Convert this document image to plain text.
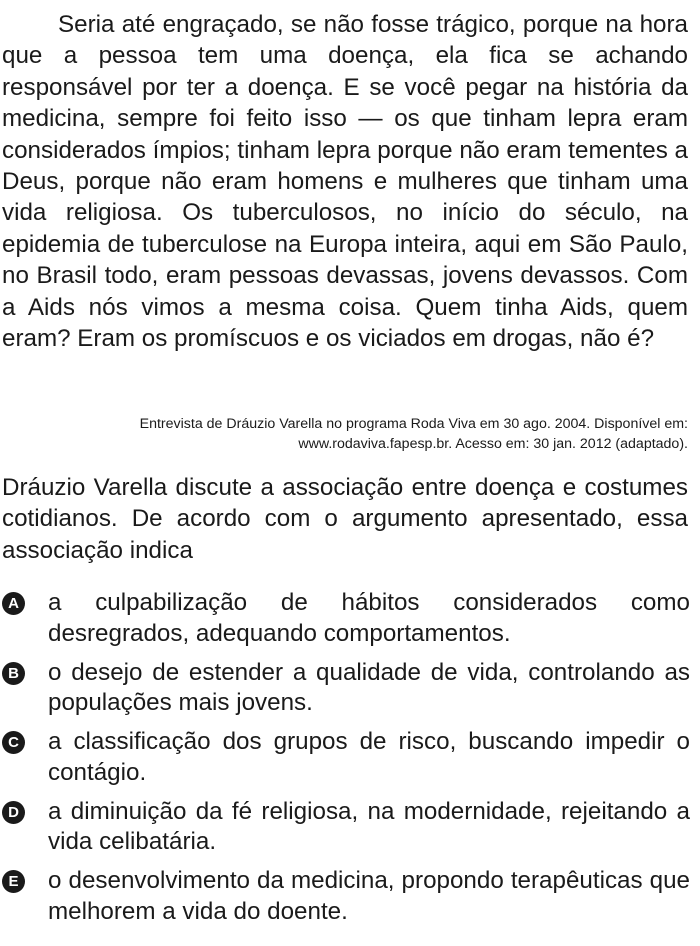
Seria até engraçado, se não fosse trágico, porque na hora que a pessoa tem uma doença, ela fica se achando responsável por ter a doença. E se você pegar na história da medicina, sempre foi feito isso — os que tinham lepra eram considerados ímpios; tinham lepra porque não eram tementes a Deus, porque não eram homens e mulheres que tinham uma vida religiosa. Os tuberculosos, no início do século, na epidemia de tuberculose na Europa inteira, aqui em São Paulo, no Brasil todo, eram pessoas devassas, jovens devassos. Com a Aids nós vimos a mesma coisa. Quem tinha Aids, quem eram? Eram os promíscuos e os viciados em drogas, não é?

Entrevista de Dráuzio Varella no programa Roda Viva em 30 ago. 2004. Disponível em:
www.rodaviva.fapesp.br. Acesso em: 30 jan. 2012 (adaptado).

Dráuzio Varella discute a associação entre doença e costumes cotidianos. De acordo com o argumento apresentado, essa associação indica

A a culpabilização de hábitos considerados como desregrados, adequando comportamentos.
B o desejo de estender a qualidade de vida, controlando as populações mais jovens.
C a classificação dos grupos de risco, buscando impedir o contágio.
D a diminuição da fé religiosa, na modernidade, rejeitando a vida celibatária.
E o desenvolvimento da medicina, propondo terapêuticas que melhorem a vida do doente.
